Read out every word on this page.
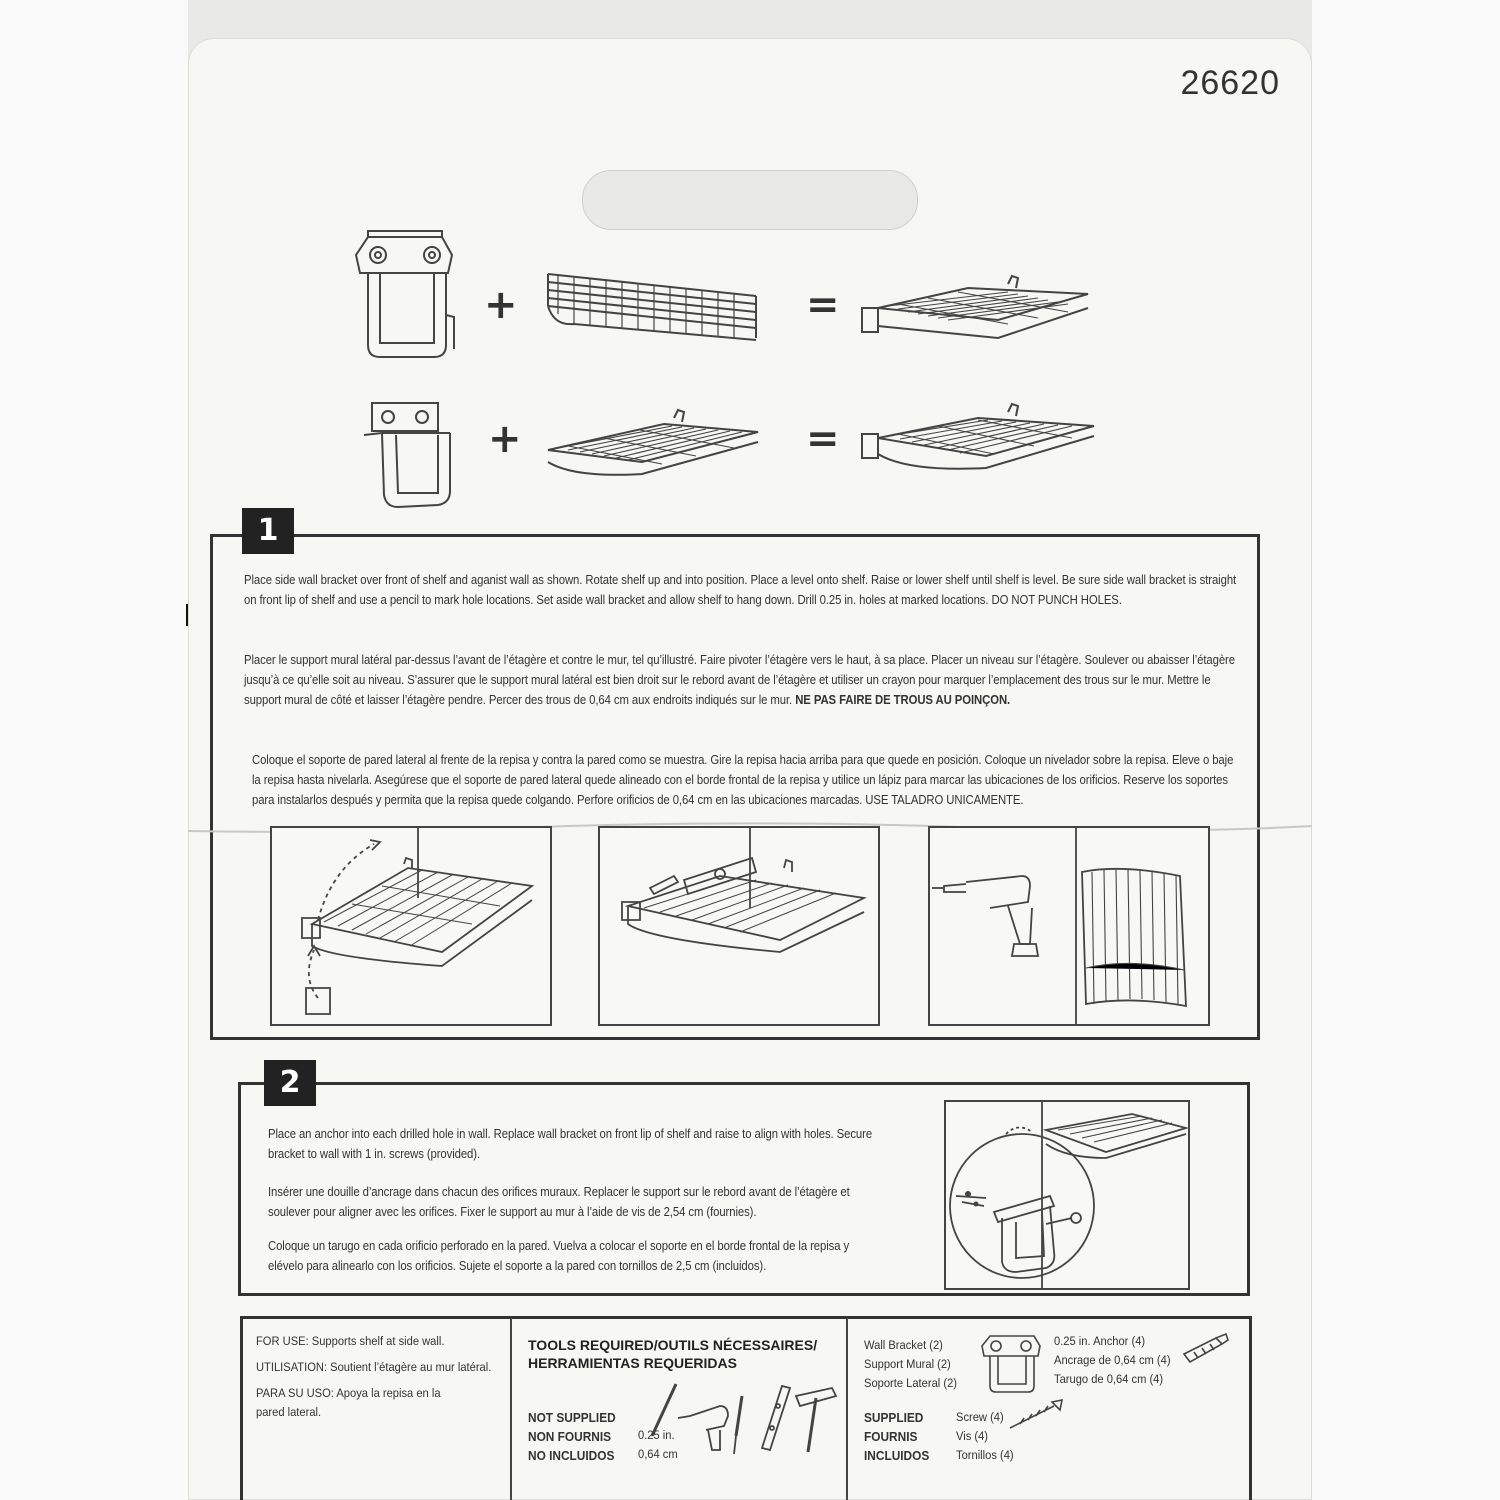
26620
+	=
+	=
1
Place side wall bracket over front of shelf and aganist wall as shown. Rotate shelf up and into position. Place a level onto shelf. Raise or lower shelf until shelf is level. Be sure side wall bracket is straight on front lip of shelf and use a pencil to mark hole locations. Set aside wall bracket and allow shelf to hang down. Drill 0.25 in. holes at marked locations. DO NOT PUNCH HOLES.
Placer le support mural latéral par-dessus l’avant de l’étagère et contre le mur, tel qu’illustré. Faire pivoter l’étagère vers le haut, à sa place. Placer un niveau sur l’étagère. Soulever ou abaisser l’étagère jusqu’à ce qu’elle soit au niveau. S’assurer que le support mural latéral est bien droit sur le rebord avant de l’étagère et utiliser un crayon pour marquer l’emplacement des trous sur le mur. Mettre le support mural de côté et laisser l’étagère pendre. Percer des trous de 0,64 cm aux endroits indiqués sur le mur. NE PAS FAIRE DE TROUS AU POINÇON.
Coloque el soporte de pared lateral al frente de la repisa y contra la pared como se muestra. Gire la repisa hacia arriba para que quede en posición. Coloque un nivelador sobre la repisa. Eleve o baje la repisa hasta nivelarla. Asegúrese que el soporte de pared lateral quede alineado con el borde frontal de la repisa y utilice un lápiz para marcar las ubicaciones de los orificios. Reserve los soportes para instalarlos después y permita que la repisa quede colgando. Perfore orificios de 0,64 cm en las ubicaciones marcadas. USE TALADRO UNICAMENTE.
2
Place an anchor into each drilled hole in wall. Replace wall bracket on front lip of shelf and raise to align with holes. Secure bracket to wall with 1 in. screws (provided).
Insérer une douille d’ancrage dans chacun des orifices muraux. Replacer le support sur le rebord avant de l’étagère et soulever pour aligner avec les orifices. Fixer le support au mur à l’aide de vis de 2,54 cm (fournies).
Coloque un tarugo en cada orificio perforado en la pared. Vuelva a colocar el soporte en el borde frontal de la repisa y elévelo para alinearlo con los orificios. Sujete el soporte a la pared con tornillos de 2,5 cm (incluidos).
FOR USE: Supports shelf at side wall.
UTILISATION: Soutient l’étagère au mur latéral.
PARA SU USO: Apoya la repisa en la pared lateral.
TOOLS REQUIRED/OUTILS NÉCESSAIRES/
HERRAMIENTAS REQUERIDAS
NOT SUPPLIED
NON FOURNIS
NO INCLUIDOS
0.25 in.
0,64 cm
Wall Bracket (2)
Support Mural (2)
Soporte Lateral (2)
0.25 in. Anchor (4)
Ancrage de 0,64 cm (4)
Tarugo de 0,64 cm (4)
SUPPLIED
FOURNIS
INCLUIDOS
Screw (4)
Vis (4)
Tornillos (4)
